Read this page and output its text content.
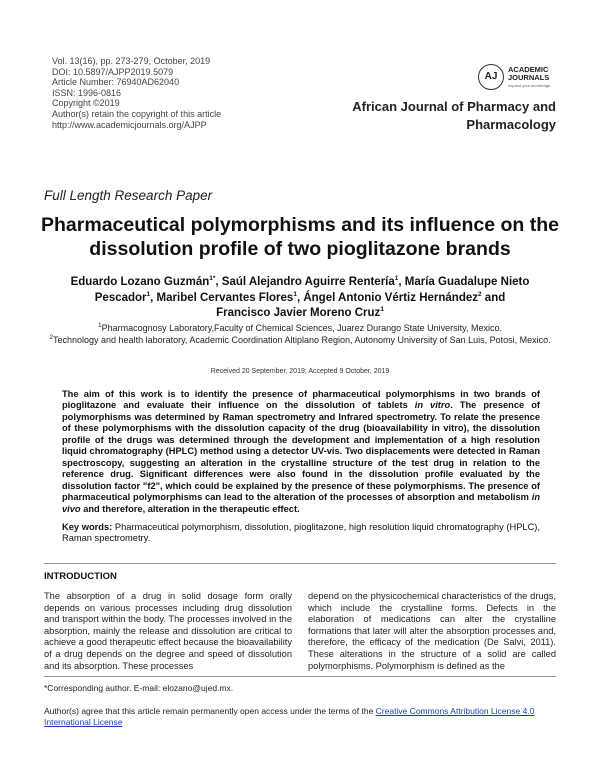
Vol. 13(16), pp. 273-279, October, 2019
DOI: 10.5897/AJPP2019.5079
Article Number: 76940AD62040
ISSN: 1996-0816
Copyright ©2019
Author(s) retain the copyright of this article
http://www.academicjournals.org/AJPP
AJ
ACADEMIC
JOURNALS
expand your knowledge
African Journal of Pharmacy and
Pharmacology
Full Length Research Paper
Pharmaceutical polymorphisms and its influence on the dissolution profile of two pioglitazone brands
Eduardo Lozano Guzmán$^{1*}$, Saúl Alejandro Aguirre Rentería$^1$, María Guadalupe Nieto Pescador$^1$, Maribel Cervantes Flores$^1$, Ángel Antonio Vértiz Hernández$^2$ and
Francisco Javier Moreno Cruz$^1$
$^1$Pharmacognosy Laboratory,Faculty of Chemical Sciences, Juarez Durango State University, Mexico.
$^2$Technology and health laboratory, Academic Coordination Altiplano Region, Autonomy University of San Luis, Potosi, Mexico.
Received 20 September, 2019; Accepted 9 October, 2019
The aim of this work is to identify the presence of pharmaceutical polymorphisms in two brands of pioglitazone and evaluate their influence on the dissolution of tablets in vitro. The presence of polymorphisms was determined by Raman spectrometry and Infrared spectrometry. To relate the presence of these polymorphisms with the dissolution capacity of the drug (bioavailability in vitro), the dissolution profile of the drugs was determined through the development and implementation of a high resolution liquid chromatography (HPLC) method using a detector UV-vis. Two displacements were detected in Raman spectroscopy, suggesting an alteration in the crystalline structure of the test drug in relation to the reference drug. Significant differences were also found in the dissolution profile evaluated by the dissolution factor "f2", which could be explained by the presence of these polymorphisms. The presence of pharmaceutical polymorphisms can lead to the alteration of the processes of absorption and metabolism in vivo and therefore, alteration in the therapeutic effect.
Key words: Pharmaceutical polymorphism, dissolution, pioglitazone, high resolution liquid chromatography (HPLC), Raman spectrometry.
INTRODUCTION
The absorption of a drug in solid dosage form orally depends on various processes including drug dissolution and transport within the body. The processes involved in the absorption, mainly the release and dissolution are critical to achieve a good therapeutic effect because the bioavailability of a drug depends on the degree and speed of dissolution and its absorption. These processes
depend on the physicochemical characteristics of the drugs, which include the crystalline forms. Defects in the elaboration of medications can alter the crystalline formations that later will alter the absorption processes and, therefore, the efficacy of the medication (De Salvi, 2011). These alterations in the structure of a solid are called polymorphisms. Polymorphism is defined as the
*Corresponding author. E-mail: elozano@ujed.mx.
Author(s) agree that this article remain permanently open access under the terms of the Creative Commons Attribution License 4.0 International License
